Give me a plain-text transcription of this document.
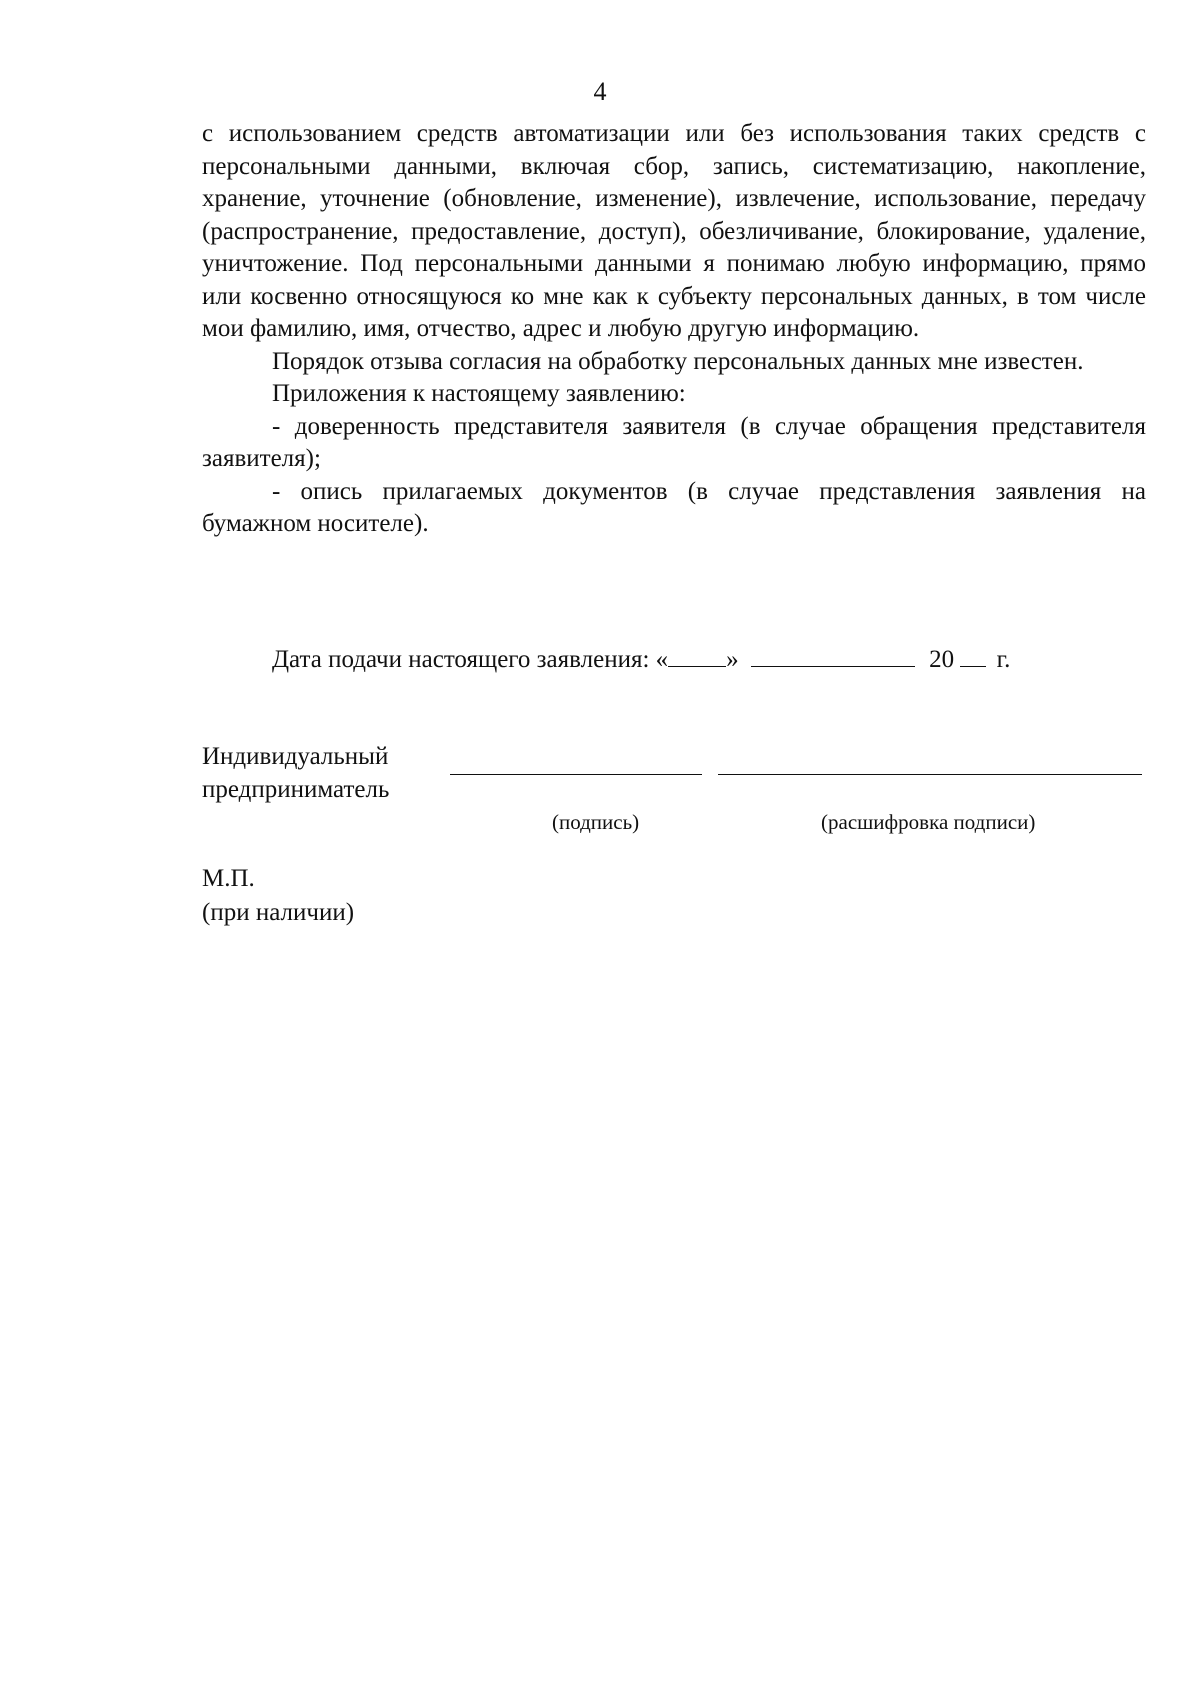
4

с использованием средств автоматизации или без использования таких средств с персональными данными, включая сбор, запись, систематизацию, накопление, хранение, уточнение (обновление, изменение), извлечение, использование, передачу (распространение, предоставление, доступ), обезличивание, блокирование, удаление, уничтожение. Под персональными данными я понимаю любую информацию, прямо или косвенно относящуюся ко мне как к субъекту персональных данных, в том числе мои фамилию, имя, отчество, адрес и любую другую информацию.

Порядок отзыва согласия на обработку персональных данных мне известен.

Приложения к настоящему заявлению:

- доверенность представителя заявителя (в случае обращения представителя заявителя);

- опись прилагаемых документов (в случае представления заявления на бумажном носителе).

Дата подачи настоящего заявления: « »	20 г.
Индивидуальный
предприниматель
(подпись)	(расшифровка подписи)
М.П.
(при наличии)
